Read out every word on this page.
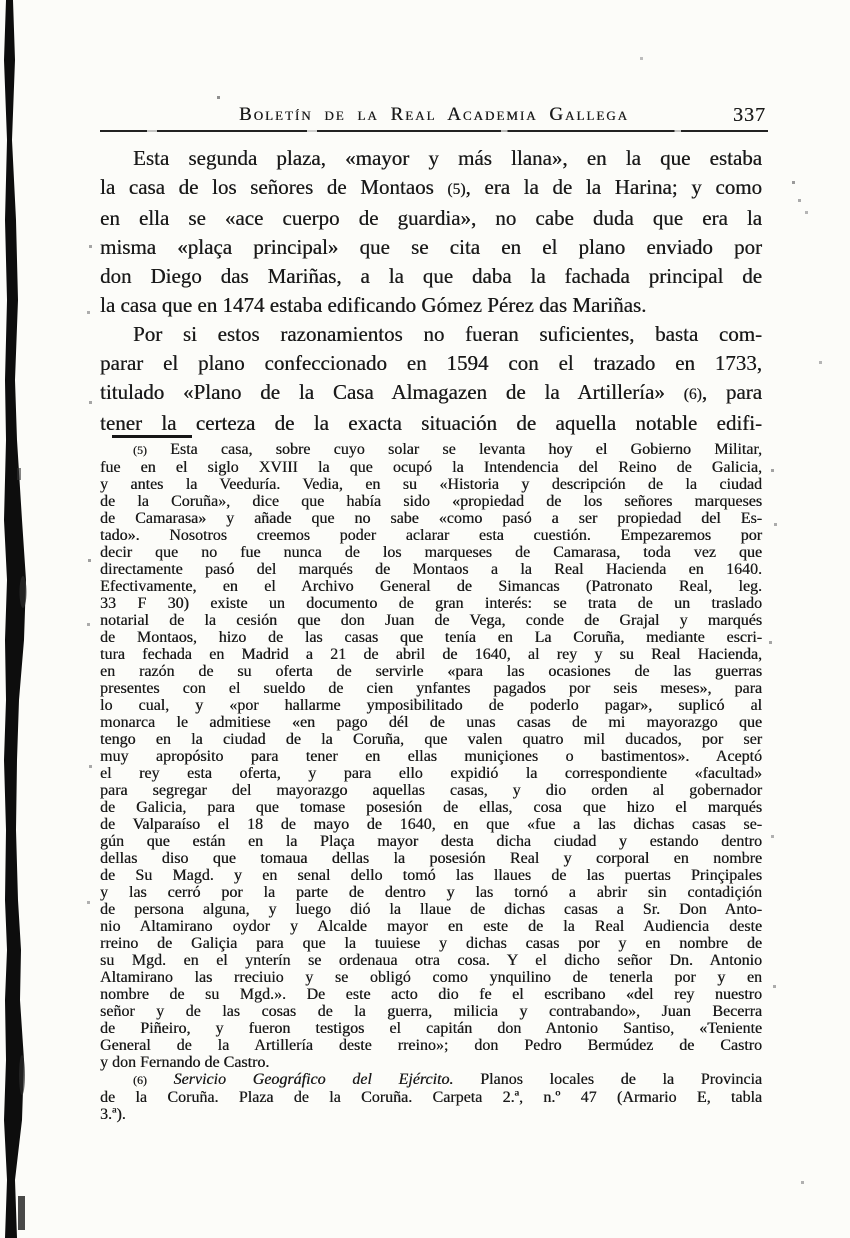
Boletín de la Real Academia Gallega	337
Esta segunda plaza, «mayor y más llana», en la que estaba
la casa de los señores de Montaos (5), era la de la Harina; y como
en ella se «ace cuerpo de guardia», no cabe duda que era la
misma «plaça principal» que se cita en el plano enviado por
don Diego das Mariñas, a la que daba la fachada principal de
la casa que en 1474 estaba edificando Gómez Pérez das Mariñas.
Por si estos razonamientos no fueran suficientes, basta com-
parar el plano confeccionado en 1594 con el trazado en 1733,
titulado «Plano de la Casa Almagazen de la Artillería» (6), para
tener la certeza de la exacta situación de aquella notable edifi-
(5) Esta casa, sobre cuyo solar se levanta hoy el Gobierno Militar,
fue en el siglo XVIII la que ocupó la Intendencia del Reino de Galicia,
y antes la Veeduría. Vedia, en su «Historia y descripción de la ciudad
de la Coruña», dice que había sido «propiedad de los señores marqueses
de Camarasa» y añade que no sabe «como pasó a ser propiedad del Es-
tado». Nosotros creemos poder aclarar esta cuestión. Empezaremos por
decir que no fue nunca de los marqueses de Camarasa, toda vez que
directamente pasó del marqués de Montaos a la Real Hacienda en 1640.
Efectivamente, en el Archivo General de Simancas (Patronato Real, leg.
33 F 30) existe un documento de gran interés: se trata de un traslado
notarial de la cesión que don Juan de Vega, conde de Grajal y marqués
de Montaos, hizo de las casas que tenía en La Coruña, mediante escri-
tura fechada en Madrid a 21 de abril de 1640, al rey y su Real Hacienda,
en razón de su oferta de servirle «para las ocasiones de las guerras
presentes con el sueldo de cien ynfantes pagados por seis meses», para
lo cual, y «por hallarme ymposibilitado de poderlo pagar», suplicó al
monarca le admitiese «en pago dél de unas casas de mi mayorazgo que
tengo en la ciudad de la Coruña, que valen quatro mil ducados, por ser
muy apropósito para tener en ellas muniçiones o bastimentos». Aceptó
el rey esta oferta, y para ello expidió la correspondiente «facultad»
para segregar del mayorazgo aquellas casas, y dio orden al gobernador
de Galicia, para que tomase posesión de ellas, cosa que hizo el marqués
de Valparaíso el 18 de mayo de 1640, en que «fue a las dichas casas se-
gún que están en la Plaça mayor desta dicha ciudad y estando dentro
dellas diso que tomaua dellas la posesión Real y corporal en nombre
de Su Magd. y en senal dello tomó las llaues de las puertas Prinçipales
y las cerró por la parte de dentro y las tornó a abrir sin contadiçión
de persona alguna, y luego dió la llaue de dichas casas a Sr. Don Anto-
nio Altamirano oydor y Alcalde mayor en este de la Real Audiencia deste
rreino de Galiçia para que la tuuiese y dichas casas por y en nombre de
su Mgd. en el ynterín se ordenaua otra cosa. Y el dicho señor Dn. Antonio
Altamirano las rreciuio y se obligó como ynquilino de tenerla por y en
nombre de su Mgd.». De este acto dio fe el escribano «del rey nuestro
señor y de las cosas de la guerra, milicia y contrabando», Juan Becerra
de Piñeiro, y fueron testigos el capitán don Antonio Santiso, «Teniente
General de la Artillería deste rreino»; don Pedro Bermúdez de Castro
y don Fernando de Castro.
(6) Servicio Geográfico del Ejército. Planos locales de la Provincia
de la Coruña. Plaza de la Coruña. Carpeta 2.ª, n.º 47 (Armario E, tabla
3.ª).
